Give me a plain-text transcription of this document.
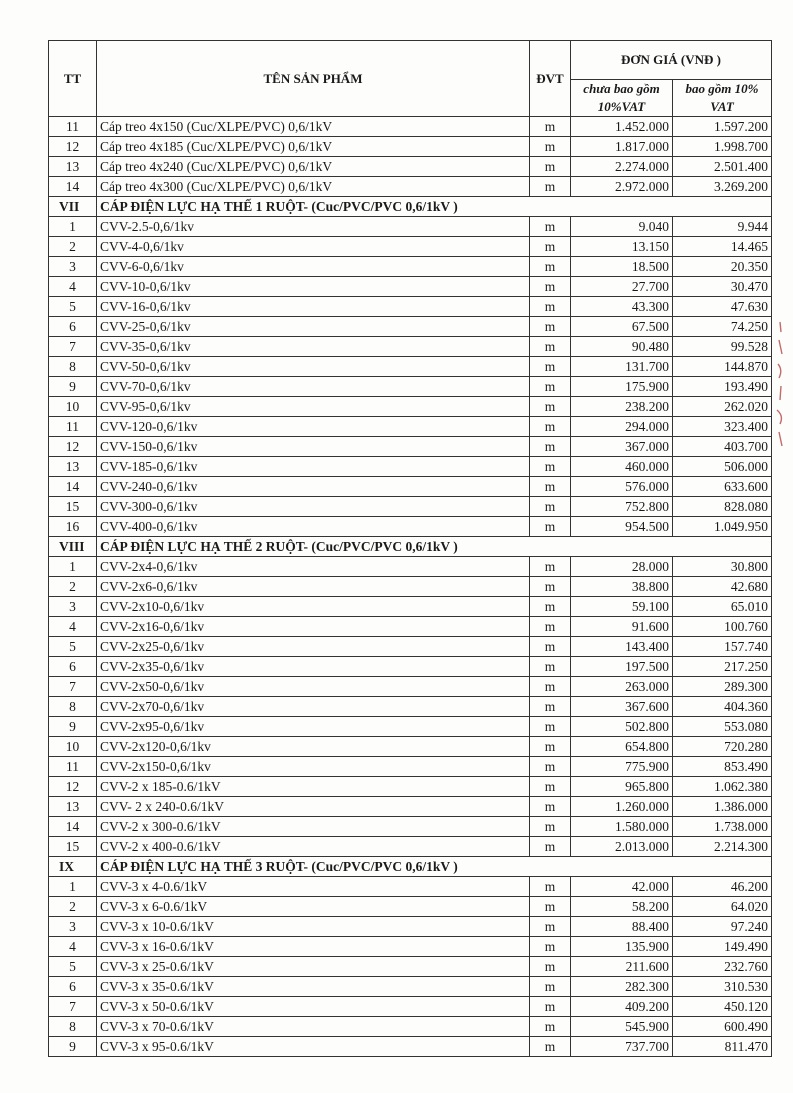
TT	TÊN SẢN PHẨM	ĐVT	ĐƠN GIÁ (VNĐ )	
			chưa bao gồm 10%VAT	bao gồm 10% VAT
11	Cáp treo 4x150 (Cuc/XLPE/PVC) 0,6/1kV	m	1.452.000	1.597.200
12	Cáp treo 4x185 (Cuc/XLPE/PVC) 0,6/1kV	m	1.817.000	1.998.700
13	Cáp treo 4x240 (Cuc/XLPE/PVC) 0,6/1kV	m	2.274.000	2.501.400
14	Cáp treo 4x300 (Cuc/XLPE/PVC) 0,6/1kV	m	2.972.000	3.269.200
VII	CÁP ĐIỆN LỰC HẠ THẾ 1 RUỘT- (Cuc/PVC/PVC 0,6/1kV )			
1	CVV-2.5-0,6/1kv	m	9.040	9.944
2	CVV-4-0,6/1kv	m	13.150	14.465
3	CVV-6-0,6/1kv	m	18.500	20.350
4	CVV-10-0,6/1kv	m	27.700	30.470
5	CVV-16-0,6/1kv	m	43.300	47.630
6	CVV-25-0,6/1kv	m	67.500	74.250
7	CVV-35-0,6/1kv	m	90.480	99.528
8	CVV-50-0,6/1kv	m	131.700	144.870
9	CVV-70-0,6/1kv	m	175.900	193.490
10	CVV-95-0,6/1kv	m	238.200	262.020
11	CVV-120-0,6/1kv	m	294.000	323.400
12	CVV-150-0,6/1kv	m	367.000	403.700
13	CVV-185-0,6/1kv	m	460.000	506.000
14	CVV-240-0,6/1kv	m	576.000	633.600
15	CVV-300-0,6/1kv	m	752.800	828.080
16	CVV-400-0,6/1kv	m	954.500	1.049.950
VIII	CÁP ĐIỆN LỰC HẠ THẾ 2 RUỘT- (Cuc/PVC/PVC 0,6/1kV )			
1	CVV-2x4-0,6/1kv	m	28.000	30.800
2	CVV-2x6-0,6/1kv	m	38.800	42.680
3	CVV-2x10-0,6/1kv	m	59.100	65.010
4	CVV-2x16-0,6/1kv	m	91.600	100.760
5	CVV-2x25-0,6/1kv	m	143.400	157.740
6	CVV-2x35-0,6/1kv	m	197.500	217.250
7	CVV-2x50-0,6/1kv	m	263.000	289.300
8	CVV-2x70-0,6/1kv	m	367.600	404.360
9	CVV-2x95-0,6/1kv	m	502.800	553.080
10	CVV-2x120-0,6/1kv	m	654.800	720.280
11	CVV-2x150-0,6/1kv	m	775.900	853.490
12	CVV-2 x 185-0.6/1kV	m	965.800	1.062.380
13	CVV- 2 x 240-0.6/1kV	m	1.260.000	1.386.000
14	CVV-2 x 300-0.6/1kV	m	1.580.000	1.738.000
15	CVV-2 x 400-0.6/1kV	m	2.013.000	2.214.300
IX	CÁP ĐIỆN LỰC HẠ THẾ 3 RUỘT- (Cuc/PVC/PVC 0,6/1kV )			
1	CVV-3 x 4-0.6/1kV	m	42.000	46.200
2	CVV-3 x 6-0.6/1kV	m	58.200	64.020
3	CVV-3 x 10-0.6/1kV	m	88.400	97.240
4	CVV-3 x 16-0.6/1kV	m	135.900	149.490
5	CVV-3 x 25-0.6/1kV	m	211.600	232.760
6	CVV-3 x 35-0.6/1kV	m	282.300	310.530
7	CVV-3 x 50-0.6/1kV	m	409.200	450.120
8	CVV-3 x 70-0.6/1kV	m	545.900	600.490
9	CVV-3 x 95-0.6/1kV	m	737.700	811.470
